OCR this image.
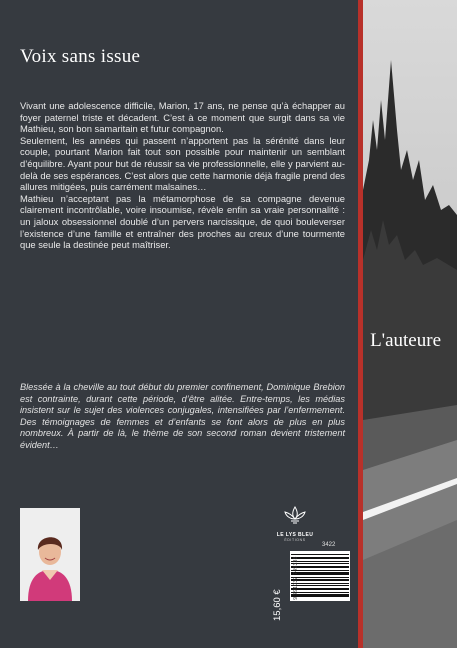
Voix sans issue

Vivant une adolescence difficile, Marion, 17 ans, ne pense qu’à échapper au foyer paternel triste et décadent. C’est à ce moment que surgit dans sa vie Mathieu, son bon samaritain et futur compagnon.

Seulement, les années qui passent n’apportent pas la sérénité dans leur couple, pourtant Marion fait tout son possible pour maintenir un semblant d’équilibre. Ayant pour but de réussir sa vie professionnelle, elle y parvient au-delà de ses espérances. C’est alors que cette harmonie déjà fragile prend des allures mitigées, puis carrément malsaines…

Mathieu n’acceptant pas la métamorphose de sa compagne devenue clairement incontrôlable, voire insoumise, révèle enfin sa vraie personnalité : un jaloux obsessionnel doublé d’un pervers narcissique, de quoi bouleverser l’existence d’une famille et entraîner des proches au creux d’une tourmente que seule la destinée peut maîtriser.

L'auteure
Blessée à la cheville au tout début du premier confinement, Dominique Brebion est contrainte, durant cette période, d’être alitée. Entre-temps, les médias insistent sur le sujet des violences conjugales, intensifiées par l’enfermement. Des témoignages de femmes et d’enfants se font alors de plus en plus nombreux. À partir de là, le thème de son second roman devient tristement évident…
LE LYS BLEU
ÉDITIONS
3422
15,60 €
9 791037 749338
